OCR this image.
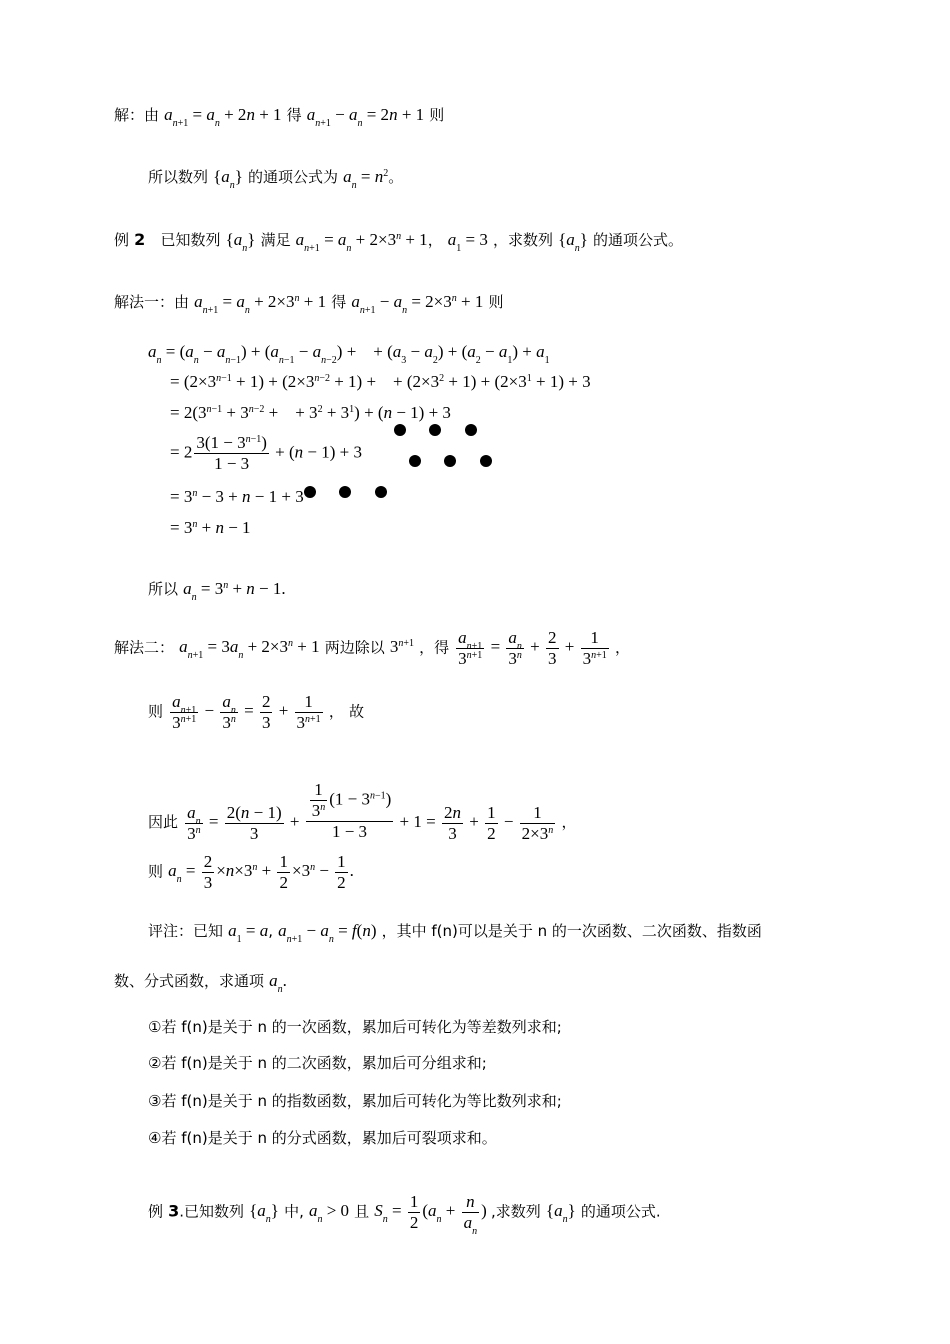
解：由 $a_{n+1} = a_n + 2n + 1$ 得 $a_{n+1} - a_n = 2n + 1$ 则
所以数列 $\{a_n\}$ 的通项公式为 $a_n = n^2$。
例 2 已知数列 $\{a_n\}$ 满足 $a_{n+1} = a_n + 2\times 3^n + 1$， $a_1 = 3$ ，求数列 $\{a_n\}$ 的通项公式。
解法一：由 $a_{n+1} = a_n + 2\times 3^n + 1$ 得 $a_{n+1} - a_n = 2\times 3^n + 1$ 则
$a_n = (a_n - a_{n-1}) + (a_{n-1} - a_{n-2})$ +    + $(a_3 - a_2) + (a_2 - a_1) + a_1$
= $(2\times 3^{n-1} + 1) + (2\times 3^{n-2} + 1)$ +    + $(2\times 3^2 + 1) + (2\times 3^1 + 1) + 3$
= $2(3^{n-1} + 3^{n-2}$ +    + $3^2 + 3^1) + (n - 1) + 3$
= $2 \frac{3(1 - 3^{n-1})}{1 - 3} + (n - 1) + 3$
= $3^n - 3 + n - 1 + 3$
= $3^n + n - 1$
所以 $a_n = 3^n + n - 1$.
解法二： $a_{n+1} = 3a_n + 2\times 3^n + 1$ 两边除以 $3^{n+1}$ ，得 $\frac{a_{n+1}}{3^{n+1}} = \frac{a_n}{3^n} + \frac{2}{3} + \frac{1}{3^{n+1}}$ ，
则 $\frac{a_{n+1}}{3^{n+1}} - \frac{a_n}{3^n} = \frac{2}{3} + \frac{1}{3^{n+1}}$ ， 故
因此 $\frac{a_n}{3^n} = \frac{2(n - 1)}{3} + \frac{\frac{1}{3^n} (1 - 3^{n-1})}{1 - 3} + 1 = \frac{2n}{3} + \frac{1}{2} - \frac{1}{2\times 3^n}$ ，
则 $a_n = \frac{2}{3} \times n\times 3^n + \frac{1}{2} \times 3^n - \frac{1}{2}$ .
评注：已知 $a_1 = a$, $a_{n+1} - a_n = f(n)$ ，其中 f(n)可以是关于 n 的一次函数、二次函数、指数函
数、分式函数，求通项 $a_n$.
①若 f(n)是关于 n 的一次函数，累加后可转化为等差数列求和;
②若 f(n)是关于 n 的二次函数，累加后可分组求和;
③若 f(n)是关于 n 的指数函数，累加后可转化为等比数列求和;
④若 f(n)是关于 n 的分式函数，累加后可裂项求和。
例 3.已知数列 $\{a_n\}$ 中, $a_n > 0$ 且 $S_n = \frac{1}{2} (a_n + \frac{n}{a_n}$ ) ,求数列 $\{a_n\}$ 的通项公式.
